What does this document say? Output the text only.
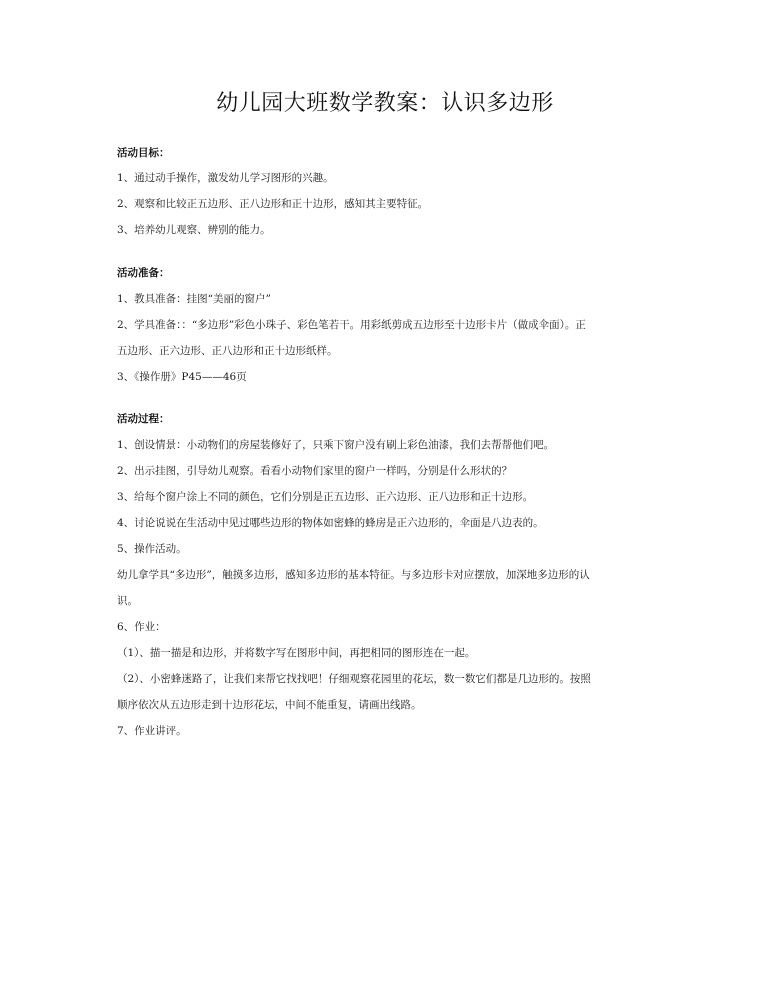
幼儿园大班数学教案：认识多边形
活动目标：
1、通过动手操作，激发幼儿学习图形的兴趣。
2、观察和比较正五边形、正八边形和正十边形，感知其主要特征。
3、培养幼儿观察、辨别的能力。
活动准备：
1、教具准备：挂图“美丽的窗户”
2、学具准备：：“多边形”彩色小珠子、彩色笔若干。用彩纸剪成五边形至十边形卡片（做成伞面）。正
五边形、正六边形、正八边形和正十边形纸样。
3、《操作册》P45——46页
活动过程：
1、创设情景：小动物们的房屋装修好了，只乘下窗户没有刷上彩色油漆，我们去帮帮他们吧。
2、出示挂图，引导幼儿观察。看看小动物们家里的窗户一样吗，分别是什么形状的？
3、给每个窗户涂上不同的颜色，它们分别是正五边形、正六边形、正八边形和正十边形。
4、讨论说说在生活动中见过哪些边形的物体如密蜂的蜂房是正六边形的，伞面是八边表的。
5、操作活动。
幼儿拿学具“多边形”，触摸多边形，感知多边形的基本特征。与多边形卡对应摆放，加深地多边形的认
识。
6、作业：
（1）、描一描是和边形，并将数字写在图形中间，再把相同的图形连在一起。
（2）、小密蜂迷路了，让我们来帮它找找吧！仔细观察花园里的花坛，数一数它们都是几边形的。按照
顺序依次从五边形走到十边形花坛，中间不能重复，请画出线路。
7、作业讲评。
